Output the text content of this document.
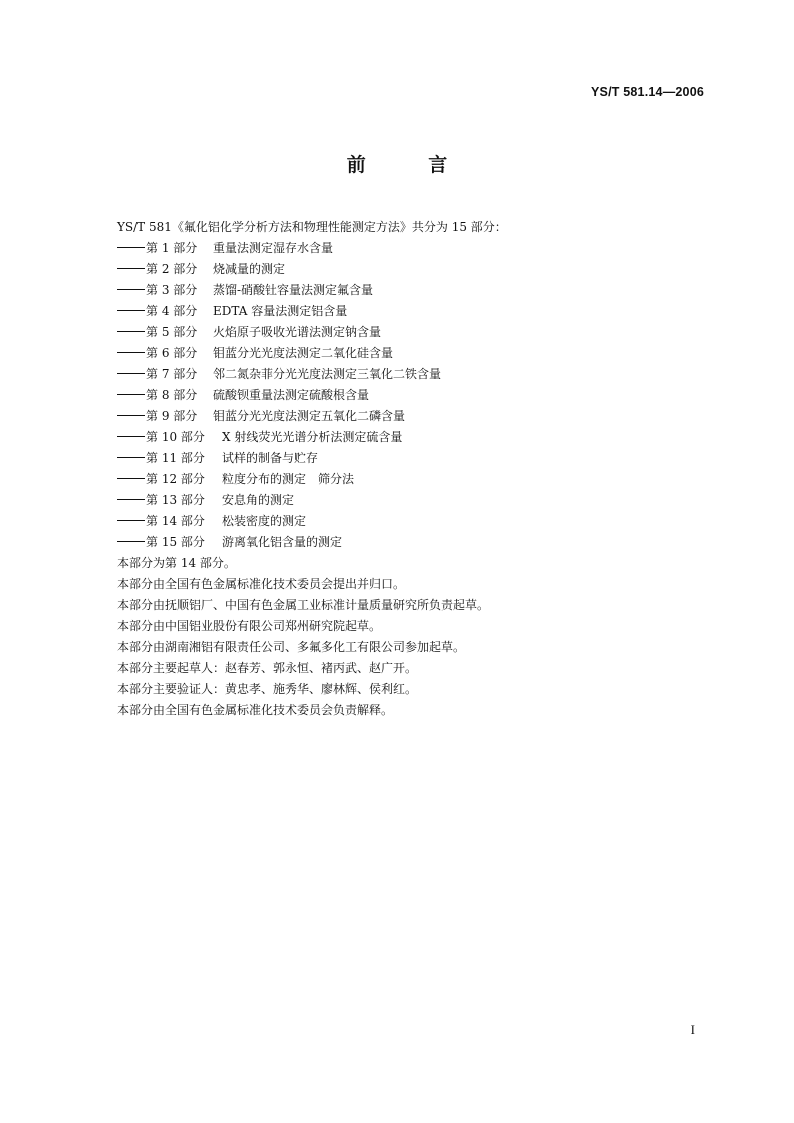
YS/T 581.14—2006
前 言
YS/T 581《氟化铝化学分析方法和物理性能测定方法》共分为 15 部分：
第 1 部分 重量法测定湿存水含量
第 2 部分 烧减量的测定
第 3 部分 蒸馏-硝酸钍容量法测定氟含量
第 4 部分 EDTA 容量法测定铝含量
第 5 部分 火焰原子吸收光谱法测定钠含量
第 6 部分 钼蓝分光光度法测定二氧化硅含量
第 7 部分 邻二氮杂菲分光光度法测定三氧化二铁含量
第 8 部分 硫酸钡重量法测定硫酸根含量
第 9 部分 钼蓝分光光度法测定五氧化二磷含量
第 10 部分 X 射线荧光光谱分析法测定硫含量
第 11 部分 试样的制备与贮存
第 12 部分 粒度分布的测定　筛分法
第 13 部分 安息角的测定
第 14 部分 松装密度的测定
第 15 部分 游离氧化铝含量的测定
本部分为第 14 部分。
本部分由全国有色金属标准化技术委员会提出并归口。
本部分由抚顺铝厂、中国有色金属工业标准计量质量研究所负责起草。
本部分由中国铝业股份有限公司郑州研究院起草。
本部分由湖南湘铝有限责任公司、多氟多化工有限公司参加起草。
本部分主要起草人：赵春芳、郭永恒、褚丙武、赵广开。
本部分主要验证人：黄忠孝、施秀华、廖林辉、侯利红。
本部分由全国有色金属标准化技术委员会负责解释。
I
